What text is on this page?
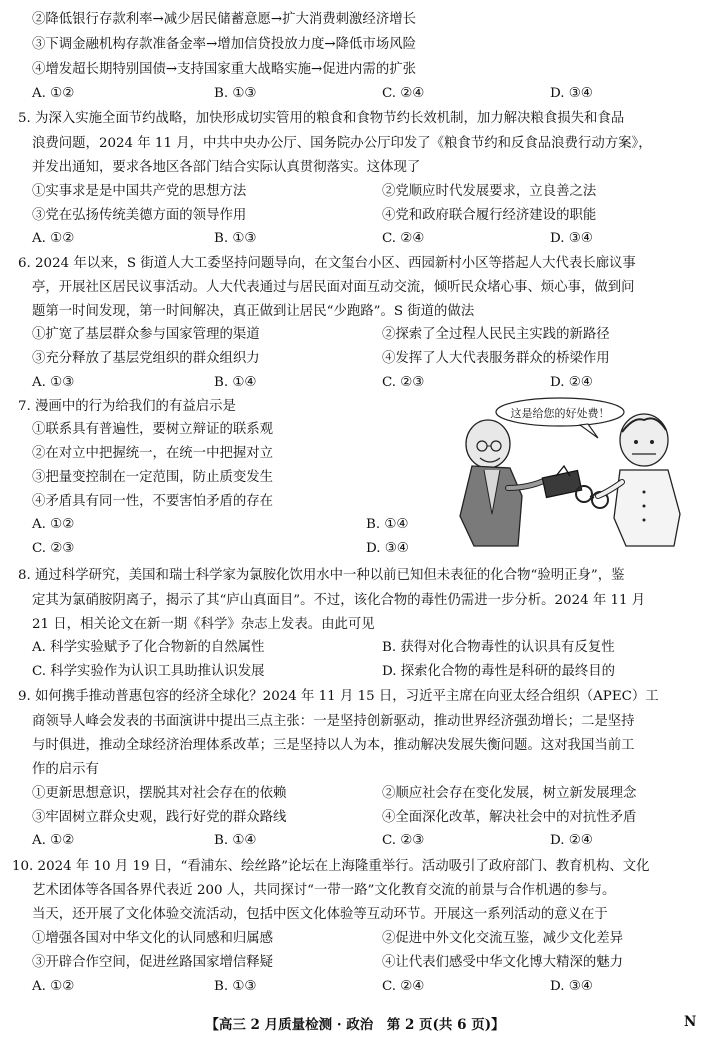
②降低银行存款利率→减少居民储蓄意愿→扩大消费刺激经济增长
③下调金融机构存款准备金率→增加信贷投放力度→降低市场风险
④增发超长期特别国债→支持国家重大战略实施→促进内需的扩张
A. ①②	B. ①③	C. ②④	D. ③④
5. 为深入实施全面节约战略，加快形成切实管用的粮食和食物节约长效机制，加力解决粮食损失和食品
浪费问题，2024 年 11 月，中共中央办公厅、国务院办公厅印发了《粮食节约和反食品浪费行动方案》，
并发出通知，要求各地区各部门结合实际认真贯彻落实。这体现了
①实事求是是中国共产党的思想方法	②党顺应时代发展要求，立良善之法
③党在弘扬传统美德方面的领导作用	④党和政府联合履行经济建设的职能
A. ①②	B. ①③	C. ②④	D. ③④
6. 2024 年以来，S 街道人大工委坚持问题导向，在文玺台小区、西园新村小区等搭起人大代表长廊议事
亭，开展社区居民议事活动。人大代表通过与居民面对面互动交流，倾听民众堵心事、烦心事，做到问
题第一时间发现，第一时间解决，真正做到让居民“少跑路”。S 街道的做法
①扩宽了基层群众参与国家管理的渠道	②探索了全过程人民民主实践的新路径
③充分释放了基层党组织的群众组织力	④发挥了人大代表服务群众的桥梁作用
A. ①③	B. ①④	C. ②③	D. ②④
7. 漫画中的行为给我们的有益启示是
①联系具有普遍性，要树立辩证的联系观
②在对立中把握统一，在统一中把握对立
③把量变控制在一定范围，防止质变发生
④矛盾具有同一性，不要害怕矛盾的存在
A. ①②	B. ①④
C. ②③	D. ③④
这是给您的好处费！
8. 通过科学研究，美国和瑞士科学家为氯胺化饮用水中一种以前已知但未表征的化合物“验明正身”，鉴
定其为氯硝胺阴离子，揭示了其“庐山真面目”。不过，该化合物的毒性仍需进一步分析。2024 年 11 月
21 日，相关论文在新一期《科学》杂志上发表。由此可见
A. 科学实验赋予了化合物新的自然属性	B. 获得对化合物毒性的认识具有反复性
C. 科学实验作为认识工具助推认识发展	D. 探索化合物的毒性是科研的最终目的
9. 如何携手推动普惠包容的经济全球化？2024 年 11 月 15 日，习近平主席在向亚太经合组织（APEC）工
商领导人峰会发表的书面演讲中提出三点主张：一是坚持创新驱动，推动世界经济强劲增长；二是坚持
与时俱进，推动全球经济治理体系改革；三是坚持以人为本，推动解决发展失衡问题。这对我国当前工
作的启示有
①更新思想意识，摆脱其对社会存在的依赖	②顺应社会存在变化发展，树立新发展理念
③牢固树立群众史观，践行好党的群众路线	④全面深化改革，解决社会中的对抗性矛盾
A. ①②	B. ①④	C. ②③	D. ②④
10. 2024 年 10 月 19 日，“看浦东、绘丝路”论坛在上海隆重举行。活动吸引了政府部门、教育机构、文化
艺术团体等各国各界代表近 200 人，共同探讨“一带一路”文化教育交流的前景与合作机遇的参与。
当天，还开展了文化体验交流活动，包括中医文化体验等互动环节。开展这一系列活动的意义在于
①增强各国对中华文化的认同感和归属感	②促进中外文化交流互鉴，减少文化差异
③开辟合作空间，促进丝路国家增信释疑	④让代表们感受中华文化博大精深的魅力
A. ①②	B. ①③	C. ②④	D. ③④
【高三 2 月质量检测 · 政治　第 2 页(共 6 页)】	N
